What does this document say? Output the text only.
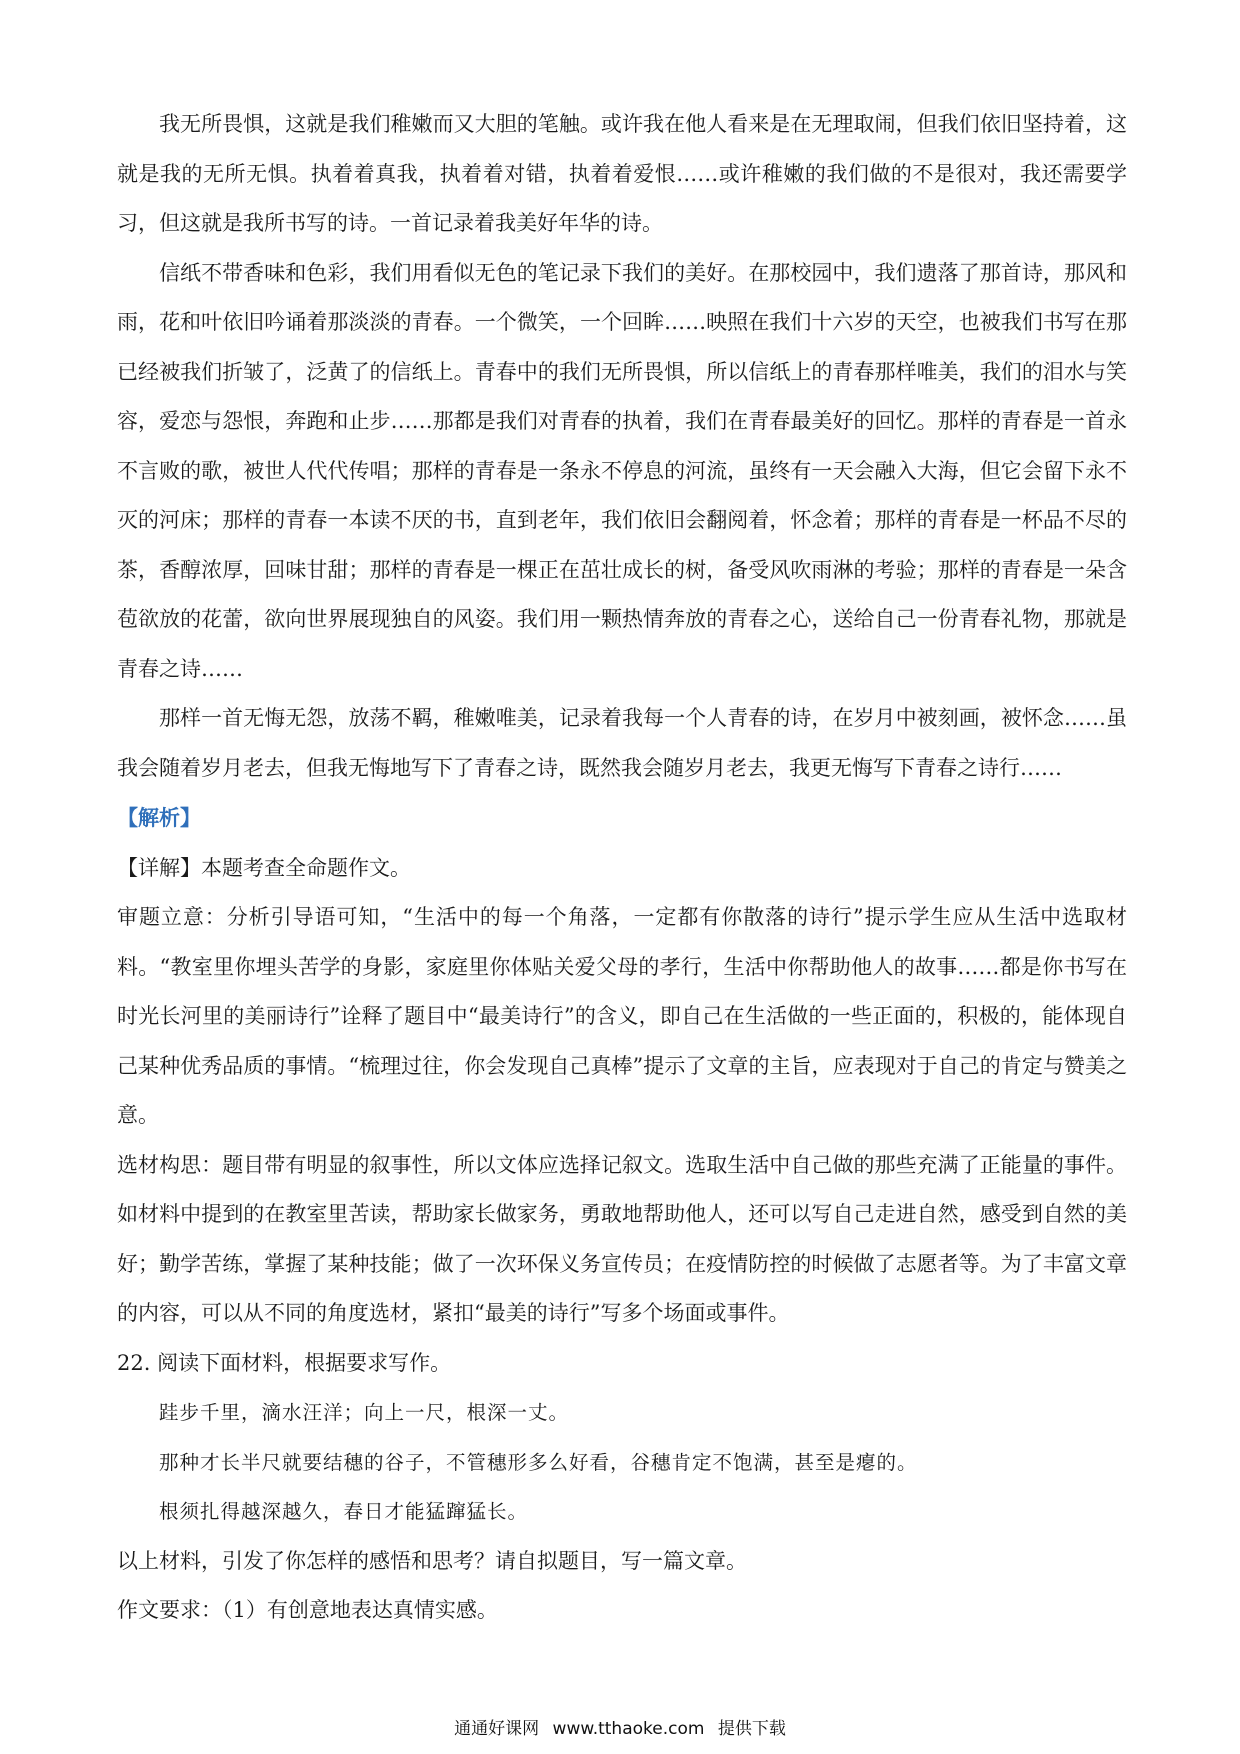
我无所畏惧，这就是我们稚嫩而又大胆的笔触。或许我在他人看来是在无理取闹，但我们依旧坚持着，这就是我的无所无惧。执着着真我，执着着对错，执着着爱恨……或许稚嫩的我们做的不是很对，我还需要学习，但这就是我所书写的诗。一首记录着我美好年华的诗。

信纸不带香味和色彩，我们用看似无色的笔记录下我们的美好。在那校园中，我们遗落了那首诗，那风和雨，花和叶依旧吟诵着那淡淡的青春。一个微笑，一个回眸……映照在我们十六岁的天空，也被我们书写在那已经被我们折皱了，泛黄了的信纸上。青春中的我们无所畏惧，所以信纸上的青春那样唯美，我们的泪水与笑容，爱恋与怨恨，奔跑和止步……那都是我们对青春的执着，我们在青春最美好的回忆。那样的青春是一首永不言败的歌，被世人代代传唱；那样的青春是一条永不停息的河流，虽终有一天会融入大海，但它会留下永不灭的河床；那样的青春一本读不厌的书，直到老年，我们依旧会翻阅着，怀念着；那样的青春是一杯品不尽的茶，香醇浓厚，回味甘甜；那样的青春是一棵正在茁壮成长的树，备受风吹雨淋的考验；那样的青春是一朵含苞欲放的花蕾，欲向世界展现独自的风姿。我们用一颗热情奔放的青春之心，送给自己一份青春礼物，那就是青春之诗……

那样一首无悔无怨，放荡不羁，稚嫩唯美，记录着我每一个人青春的诗，在岁月中被刻画，被怀念……虽我会随着岁月老去，但我无悔地写下了青春之诗，既然我会随岁月老去，我更无悔写下青春之诗行……

【解析】

【详解】本题考查全命题作文。

审题立意：分析引导语可知，“生活中的每一个角落，一定都有你散落的诗行”提示学生应从生活中选取材料。“教室里你埋头苦学的身影，家庭里你体贴关爱父母的孝行，生活中你帮助他人的故事……都是你书写在时光长河里的美丽诗行”诠释了题目中“最美诗行”的含义，即自己在生活做的一些正面的，积极的，能体现自己某种优秀品质的事情。“梳理过往，你会发现自己真棒”提示了文章的主旨，应表现对于自己的肯定与赞美之意。

选材构思：题目带有明显的叙事性，所以文体应选择记叙文。选取生活中自己做的那些充满了正能量的事件。如材料中提到的在教室里苦读，帮助家长做家务，勇敢地帮助他人，还可以写自己走进自然，感受到自然的美好；勤学苦练，掌握了某种技能；做了一次环保义务宣传员；在疫情防控的时候做了志愿者等。为了丰富文章的内容，可以从不同的角度选材，紧扣“最美的诗行”写多个场面或事件。

22. 阅读下面材料，根据要求写作。

跬步千里，滴水汪洋；向上一尺，根深一丈。

那种才长半尺就要结穗的谷子，不管穗形多么好看，谷穗肯定不饱满，甚至是瘪的。

根须扎得越深越久，春日才能猛蹿猛长。

以上材料，引发了你怎样的感悟和思考？请自拟题目，写一篇文章。

作文要求：（1）有创意地表达真情实感。

通通好课网 www.tthaoke.com 提供下载
